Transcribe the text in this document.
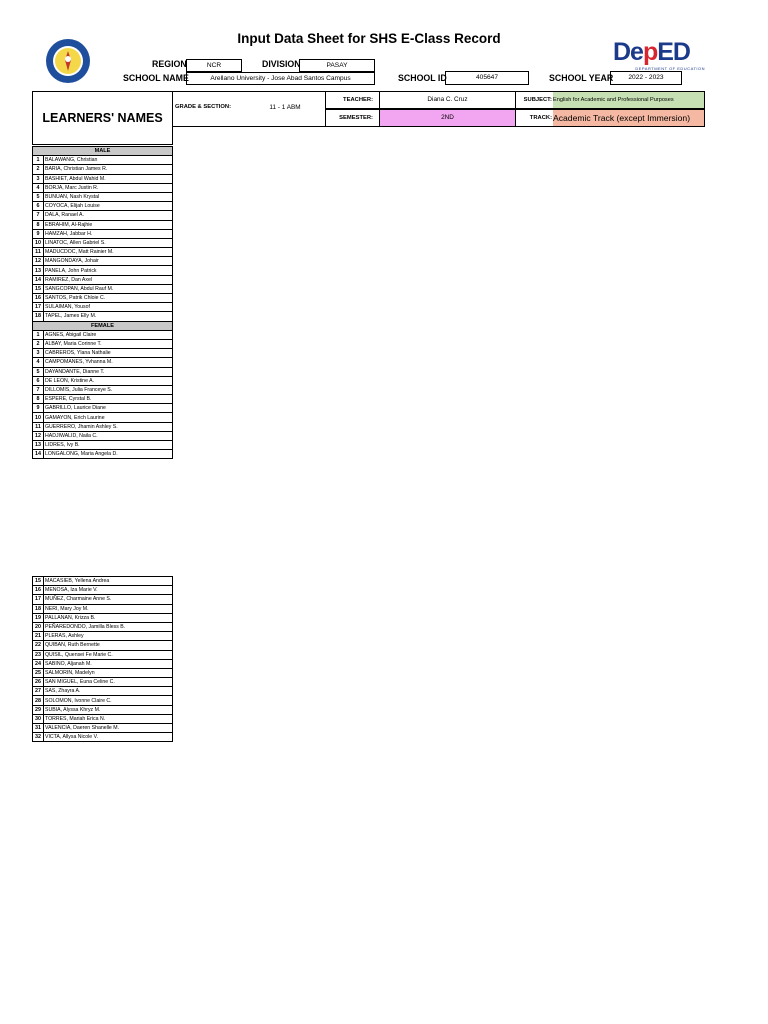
Input Data Sheet for SHS E-Class Record	DepED
DEPARTMENT OF EDUCATION
REGION	NCR	DIVISION	PASAY
SCHOOL NAME	Arellano University - Jose Abad Santos Campus	SCHOOL ID	405647	SCHOOL YEAR	2022 - 2023
LEARNERS' NAMES
GRADE & SECTION:	11 - 1 ABM
TEACHER:	Diana C. Cruz	SUBJECT: English for Academic and Professional Purposes
SEMESTER:	2ND	TRACK: Academic Track (except Immersion)
MALE	
1	BALAWANG, Christian
2	BARIA, Christian James R.
3	BASHIET, Abdul Wahid M.
4	BORJA, Marc Justin R.
5	BUNUAN, Nash Krystal
6	COYOCA, Elijah Louise
7	DALA, Ranael A.
8	EBRAHIM, Al-Rajhie
9	HAMZAH, Jabbar H.
10	LINATOC, Allen Gabriel S.
11	MADUCDOC, Matt Rainier M.
12	MANGONDAYA, Johair
13	PANELA, John Patrick
14	RAMIREZ, Dan Axel
15	SANGCOPAN, Abdul Rauf M.
16	SANTOS, Patrik Chloie C.
17	SULAIMAN, Yousof
18	TAPEL, James Elly M.
FEMALE	
1	AGNES, Abigail Claire
2	ALBAY, Maria Corinne T.
3	CABREROS, Ylana Nathalie
4	CAMPOMANES, Yvhanna M.
5	DAYANDANTE, Dianne T.
6	DE LEON, Kristine A.
7	DILLOMIS, Julia Franceye S.
8	ESPERE, Cyrstal B.
9	GABRILLO, Laurice Diane
10	GAMAYON, Erich Laurine
11	GUERRERO, Jhamin Ashley S.
12	HADJIWALID, Naila C.
13	LIDRES, Ivy B.
14	LONGALONG, Maria Angela D.
15	MACASIEB, Yellena Andrea
16	MENOSA, Iza Marie V.
17	MUÑEZ, Charmaine Anne S.
18	NERI, Mary Joy M.
19	PALLANAN, Krizza B.
20	PEÑAREDONDO, Jamilla Bless B.
21	PLERAS, Ashley
22	QUIBAN, Ruth Bernette
23	QUISIL, Quensei Fe Marie C.
24	SABINO, Aljanah M.
25	SALMORIN, Madelyn
26	SAN MIGUEL, Euna Celine C.
27	SAS, Zhayra A.
28	SOLOMON, Ivonne Claire C.
29	SUBIA, Alyssa Khryz M.
30	TORRES, Mariah Erica N.
31	VALENCIA, Daeren Shanelle M.
32	VICTA, Allysa Nicole V.
